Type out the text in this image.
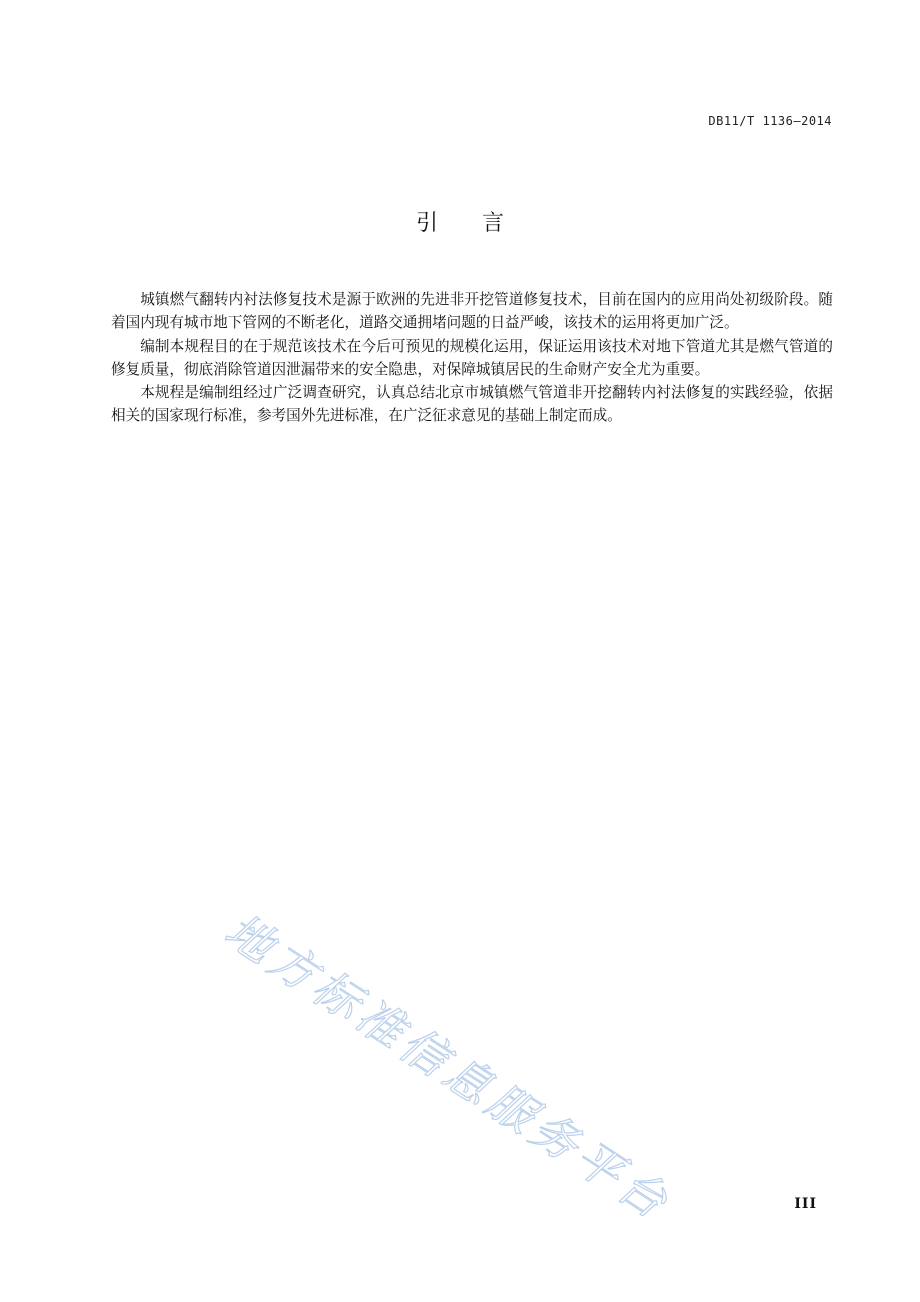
DB11/T 1136—2014
引言

城镇燃气翻转内衬法修复技术是源于欧洲的先进非开挖管道修复技术，目前在国内的应用尚处初级阶段。随着国内现有城市地下管网的不断老化，道路交通拥堵问题的日益严峻，该技术的运用将更加广泛。

编制本规程目的在于规范该技术在今后可预见的规模化运用，保证运用该技术对地下管道尤其是燃气管道的修复质量，彻底消除管道因泄漏带来的安全隐患，对保障城镇居民的生命财产安全尤为重要。

本规程是编制组经过广泛调查研究，认真总结北京市城镇燃气管道非开挖翻转内衬法修复的实践经验，依据相关的国家现行标准，参考国外先进标准，在广泛征求意见的基础上制定而成。

地方标准信息服务平台	III
